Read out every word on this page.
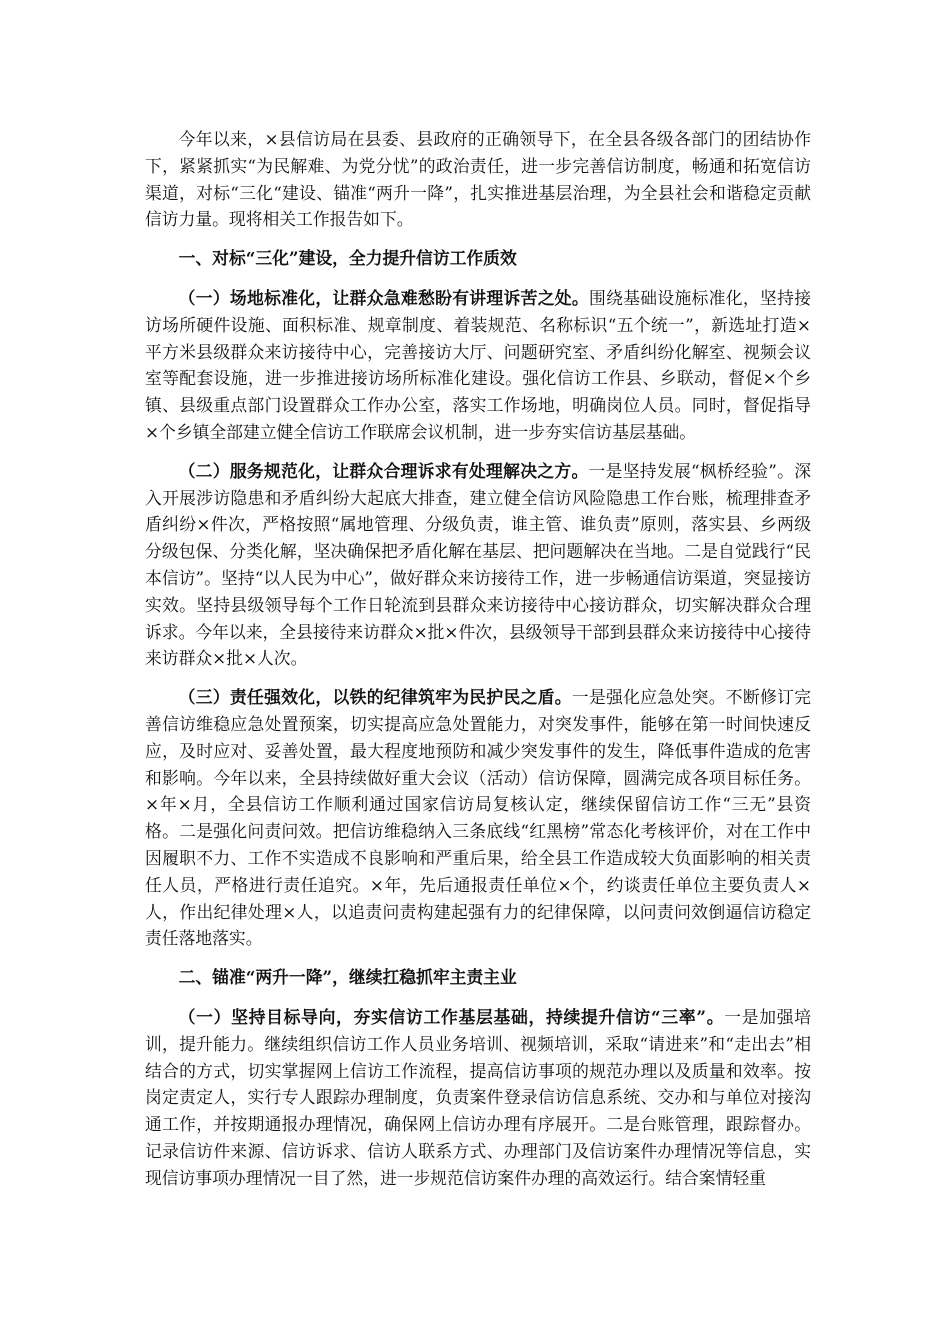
今年以来，×县信访局在县委、县政府的正确领导下，在全县各级各部门的团结协作下，紧紧抓实“为民解难、为党分忧”的政治责任，进一步完善信访制度，畅通和拓宽信访渠道，对标“三化“建设、锚准“两升一降”，扎实推进基层治理，为全县社会和谐稳定贡献信访力量。现将相关工作报告如下。

一、对标“三化”建设，全力提升信访工作质效

（一）场地标准化，让群众急难愁盼有讲理诉苦之处。围绕基础设施标准化，坚持接访场所硬件设施、面积标准、规章制度、着装规范、名称标识“五个统一”，新选址打造×平方米县级群众来访接待中心，完善接访大厅、问题研究室、矛盾纠纷化解室、视频会议室等配套设施，进一步推进接访场所标准化建设。强化信访工作县、乡联动，督促×个乡镇、县级重点部门设置群众工作办公室，落实工作场地，明确岗位人员。同时，督促指导×个乡镇全部建立健全信访工作联席会议机制，进一步夯实信访基层基础。

（二）服务规范化，让群众合理诉求有处理解决之方。一是坚持发展“枫桥经验”。深入开展涉访隐患和矛盾纠纷大起底大排查，建立健全信访风险隐患工作台账，梳理排查矛盾纠纷×件次，严格按照“属地管理、分级负责，谁主管、谁负责”原则，落实县、乡两级分级包保、分类化解，坚决确保把矛盾化解在基层、把问题解决在当地。二是自觉践行“民本信访”。坚持“以人民为中心”，做好群众来访接待工作，进一步畅通信访渠道，突显接访实效。坚持县级领导每个工作日轮流到县群众来访接待中心接访群众，切实解决群众合理诉求。今年以来，全县接待来访群众×批×件次，县级领导干部到县群众来访接待中心接待来访群众×批×人次。

（三）责任强效化，以铁的纪律筑牢为民护民之盾。一是强化应急处突。不断修订完善信访维稳应急处置预案，切实提高应急处置能力，对突发事件，能够在第一时间快速反应，及时应对、妥善处置，最大程度地预防和减少突发事件的发生，降低事件造成的危害和影响。今年以来，全县持续做好重大会议（活动）信访保障，圆满完成各项目标任务。×年×月，全县信访工作顺利通过国家信访局复核认定，继续保留信访工作“三无”县资格。二是强化问责问效。把信访维稳纳入三条底线“红黑榜”常态化考核评价，对在工作中因履职不力、工作不实造成不良影响和严重后果，给全县工作造成较大负面影响的相关责任人员，严格进行责任追究。×年，先后通报责任单位×个，约谈责任单位主要负责人×人，作出纪律处理×人，以追责问责构建起强有力的纪律保障，以问责问效倒逼信访稳定责任落地落实。

二、锚准“两升一降”，继续扛稳抓牢主责主业

（一）坚持目标导向，夯实信访工作基层基础，持续提升信访“三率”。一是加强培训，提升能力。继续组织信访工作人员业务培训、视频培训，采取“请进来”和“走出去”相结合的方式，切实掌握网上信访工作流程，提高信访事项的规范办理以及质量和效率。按岗定责定人，实行专人跟踪办理制度，负责案件登录信访信息系统、交办和与单位对接沟通工作，并按期通报办理情况，确保网上信访办理有序展开。二是台账管理，跟踪督办。记录信访件来源、信访诉求、信访人联系方式、办理部门及信访案件办理情况等信息，实现信访事项办理情况一目了然，进一步规范信访案件办理的高效运行。结合案情轻重
